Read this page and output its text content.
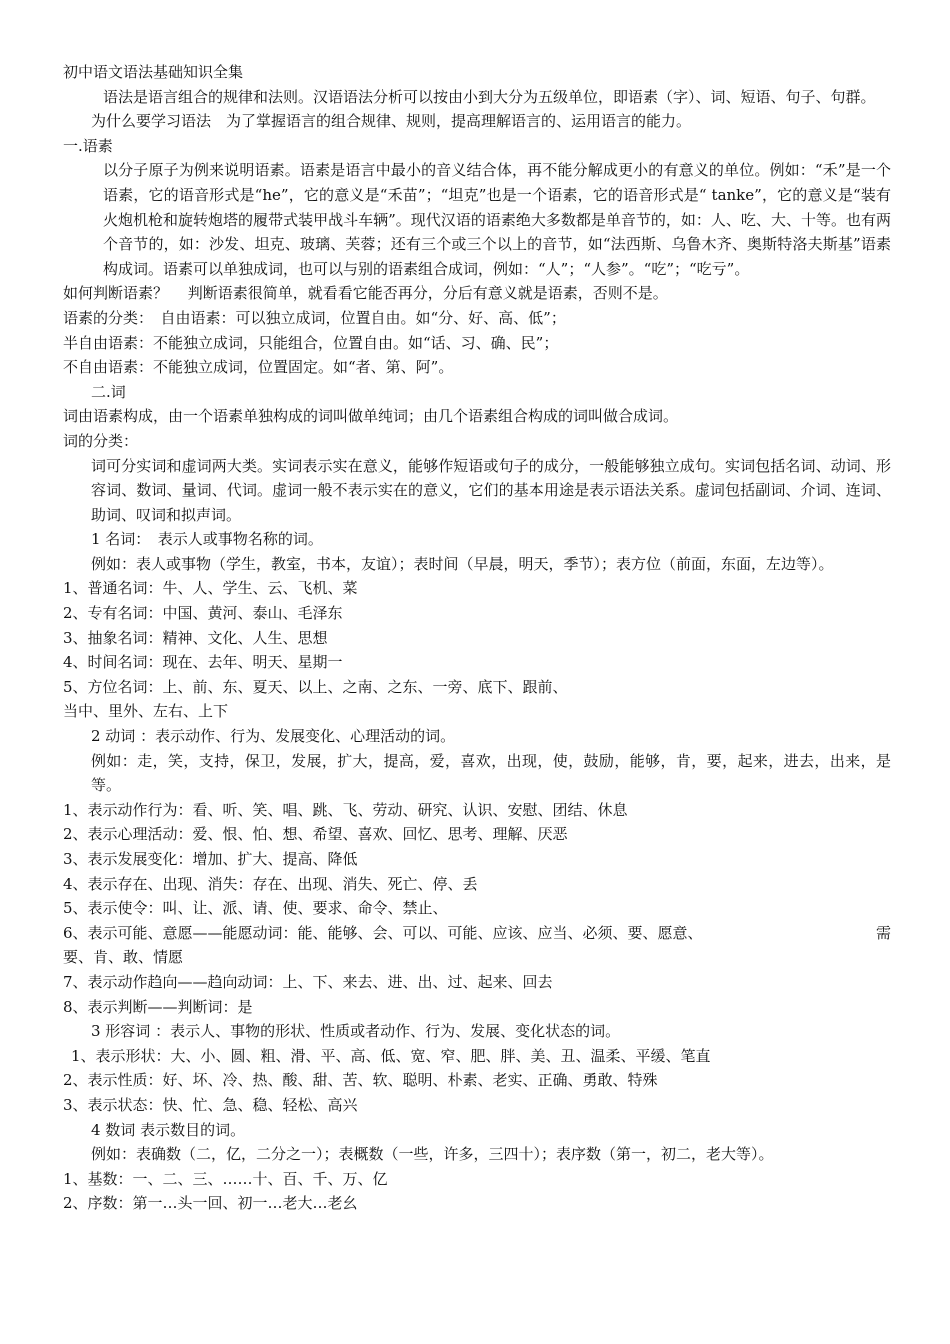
初中语文语法基础知识全集

语法是语言组合的规律和法则。汉语语法分析可以按由小到大分为五级单位，即语素（字）、词、短语、句子、句群。

为什么要学习语法　为了掌握语言的组合规律、规则，提高理解语言的、运用语言的能力。
一.语素

以分子原子为例来说明语素。语素是语言中最小的音义结合体，再不能分解成更小的有意义的单位。例如：“禾”是一个语素，它的语音形式是“he”，它的意义是“禾苗”；“坦克”也是一个语素，它的语音形式是“ tanke”，它的意义是“装有火炮机枪和旋转炮塔的履带式装甲战斗车辆”。现代汉语的语素绝大多数都是单音节的，如：人、吃、大、十等。也有两个音节的，如：沙发、坦克、玻璃、芙蓉；还有三个或三个以上的音节，如“法西斯、乌鲁木齐、奥斯特洛夫斯基”语素构成词。语素可以单独成词，也可以与别的语素组合成词，例如：“人”；“人参”。“吃”；“吃亏”。

如何判断语素？　 判断语素很简单，就看看它能否再分，分后有意义就是语素，否则不是。
语素的分类：　自由语素：可以独立成词，位置自由。如“分、好、高、低”；
半自由语素：不能独立成词，只能组合，位置自由。如“话、习、确、民”；
不自由语素：不能独立成词，位置固定。如“者、第、阿”。
二.词
词由语素构成，由一个语素单独构成的词叫做单纯词；由几个语素组合构成的词叫做合成词。
词的分类：

词可分实词和虚词两大类。实词表示实在意义，能够作短语或句子的成分，一般能够独立成句。实词包括名词、动词、形容词、数词、量词、代词。虚词一般不表示实在的意义，它们的基本用途是表示语法关系。虚词包括副词、介词、连词、助词、叹词和拟声词。

1 名词：　表示人或事物名称的词。
例如：表人或事物（学生，教室，书本，友谊）；表时间（早晨，明天，季节）；表方位（前面，东面，左边等）。
1、普通名词：牛、人、学生、云、飞机、菜
2、专有名词：中国、黄河、泰山、毛泽东
3、抽象名词：精神、文化、人生、思想
4、时间名词：现在、去年、明天、星期一
5、方位名词：上、前、东、夏天、以上、之南、之东、一旁、底下、跟前、
当中、里外、左右、上下
2 动词 ：表示动作、行为、发展变化、心理活动的词。

例如：走，笑，支持，保卫，发展，扩大，提高，爱，喜欢，出现，使，鼓励，能够，肯，要，起来，进去，出来，是等。

1、表示动作行为：看、听、笑、唱、跳、飞、劳动、研究、认识、安慰、团结、休息
2、表示心理活动：爱、恨、怕、想、希望、喜欢、回忆、思考、理解、厌恶
3、表示发展变化：增加、扩大、提高、降低
4、表示存在、出现、消失：存在、出现、消失、死亡、停、丢
5、表示使令：叫、让、派、请、使、要求、命令、禁止、
6、表示可能、意愿——能愿动词：能、能够、会、可以、可能、应该、应当、必须、要、愿意、	需
要、肯、敢、情愿
7、表示动作趋向——趋向动词：上、下、来去、进、出、过、起来、回去
8、表示判断——判断词：是
3 形容词 ：表示人、事物的形状、性质或者动作、行为、发展、变化状态的词。
1、表示形状：大、小、圆、粗、滑、平、高、低、宽、窄、肥、胖、美、丑、温柔、平缓、笔直
2、表示性质：好、坏、冷、热、酸、甜、苦、软、聪明、朴素、老实、正确、勇敢、特殊
3、表示状态：快、忙、急、稳、轻松、高兴
4 数词 表示数目的词。
例如：表确数（二，亿，二分之一）；表概数（一些，许多，三四十）；表序数（第一，初二，老大等）。
1、基数：一、二、三、……十、百、千、万、亿
2、序数：第一…头一回、初一…老大…老幺
